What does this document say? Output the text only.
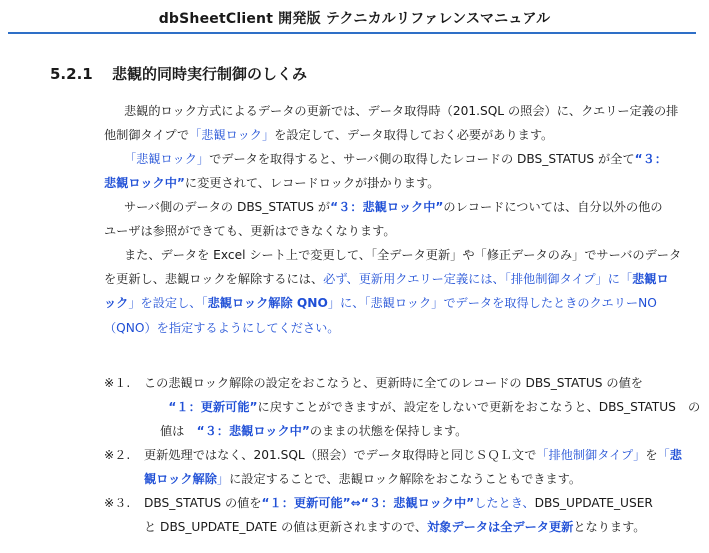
dbSheetClient 開発版 テクニカルリファレンスマニュアル
5.2.1 悲観的同時実行制御のしくみ

悲観的ロック方式によるデータの更新では、データ取得時（201.SQL の照会）に、クエリー定義の排

他制御タイプで「悲観ロック」を設定して、データ取得しておく必要があります。

「悲観ロック」でデータを取得すると、サーバ側の取得したレコードの DBS_STATUS が全て“３：

悲観ロック中”に変更されて、レコードロックが掛かります。

サーバ側のデータの DBS_STATUS が“３：悲観ロック中”のレコードについては、自分以外の他の

ユーザは参照ができても、更新はできなくなります。

また、データを Excel シート上で変更して、「全データ更新」や「修正データのみ」でサーバのデータ

を更新し、悲観ロックを解除するには、必ず、更新用クエリー定義には、「排他制御タイプ」に「悲観ロ

ック」を設定し、「悲観ロック解除 QNO」に、「悲観ロック」でデータを取得したときのクエリーNO

（QNO）を指定するようにしてください。

※１.	この悲観ロック解除の設定をおこなうと、更新時に全てのレコードの DBS_STATUS の値を

　　“１：更新可能”に戻すことができますが、設定をしないで更新をおこなうと、DBS_STATUS　の

値は　“３：悲観ロック中”のままの状態を保持します。

※２.	更新処理ではなく、201.SQL（照会）でデータ取得時と同じＳＱＬ文で「排他制御タイプ」を「悲

観ロック解除」に設定することで、悲観ロック解除をおこなうこともできます。

※３.	DBS_STATUS の値を“１：更新可能”⇔“３：悲観ロック中”したとき、DBS_UPDATE_USER

と DBS_UPDATE_DATE の値は更新されますので、対象データは全データ更新となります。
